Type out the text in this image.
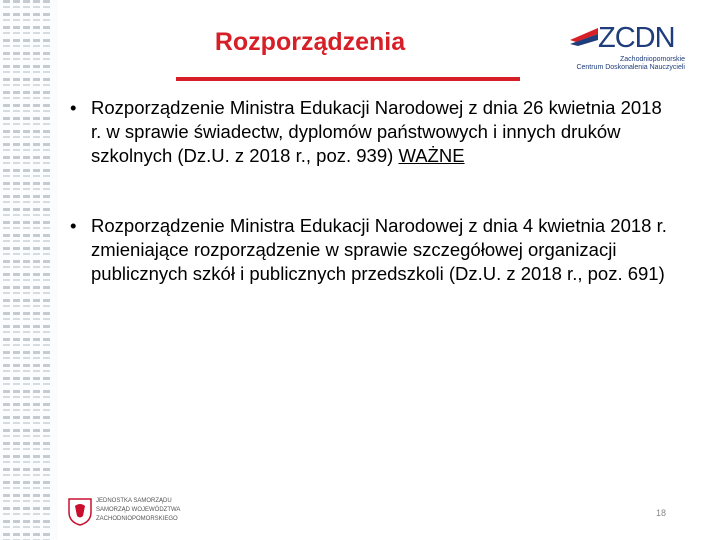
Rozporządzenia	ZCDN
Zachodniopomorskie
Centrum Doskonalenia Nauczycieli

• Rozporządzenie Ministra Edukacji Narodowej z dnia 26 kwietnia 2018 r. w sprawie świadectw, dyplomów państwowych i innych druków szkolnych (Dz.U. z 2018 r., poz. 939) WAŻNE

• Rozporządzenie Ministra Edukacji Narodowej z dnia 4 kwietnia 2018 r. zmieniające rozporządzenie w sprawie szczegółowej organizacji publicznych szkół i publicznych przedszkoli (Dz.U. z 2018 r., poz. 691)

JEDNOSTKA SAMORZĄDU
SAMORZĄD WOJEWÓDZTWA
ZACHODNIOPOMORSKIEGO
18
